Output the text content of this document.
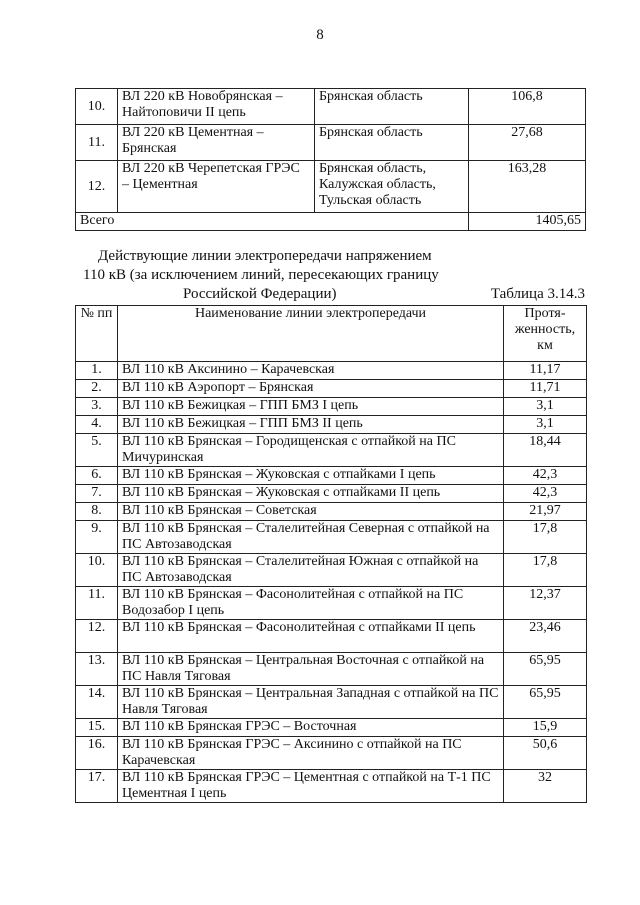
8
10.	ВЛ 220 кВ Новобрянская – Найтоповичи II цепь	Брянская область	106,8
11.	ВЛ 220 кВ Цементная – Брянская	Брянская область	27,68
12.	ВЛ 220 кВ Черепетская ГРЭС – Цементная	Брянская область, Калужская область, Тульская область	163,28
Всего			1405,65
Действующие линии электропередачи напряжением
110 кВ (за исключением линий, пересекающих границу
Российской Федерации)	Таблица 3.14.3
№ пп	Наименование линии электропередачи	Протя-женность, км
1.	ВЛ 110 кВ Аксинино – Карачевская	11,17
2.	ВЛ 110 кВ Аэропорт – Брянская	11,71
3.	ВЛ 110 кВ Бежицкая – ГПП БМЗ I цепь	3,1
4.	ВЛ 110 кВ Бежицкая – ГПП БМЗ II цепь	3,1
5.	ВЛ 110 кВ Брянская – Городищенская с отпайкой на ПС Мичуринская	18,44
6.	ВЛ 110 кВ Брянская – Жуковская с отпайками I цепь	42,3
7.	ВЛ 110 кВ Брянская – Жуковская с отпайками II цепь	42,3
8.	ВЛ 110 кВ Брянская – Советская	21,97
9.	ВЛ 110 кВ Брянская – Сталелитейная Северная с отпайкой на ПС Автозаводская	17,8
10.	ВЛ 110 кВ Брянская – Сталелитейная Южная с отпайкой на ПС Автозаводская	17,8
11.	ВЛ 110 кВ Брянская – Фасонолитейная с отпайкой на ПС Водозабор I цепь	12,37
12.	ВЛ 110 кВ Брянская – Фасонолитейная с отпайками II цепь	23,46
13.	ВЛ 110 кВ Брянская – Центральная Восточная с отпайкой на ПС Навля Тяговая	65,95
14.	ВЛ 110 кВ Брянская – Центральная Западная с отпайкой на ПС Навля Тяговая	65,95
15.	ВЛ 110 кВ Брянская ГРЭС – Восточная	15,9
16.	ВЛ 110 кВ Брянская ГРЭС – Аксинино с отпайкой на ПС Карачевская	50,6
17.	ВЛ 110 кВ Брянская ГРЭС – Цементная с отпайкой на Т-1 ПС Цементная I цепь	32
